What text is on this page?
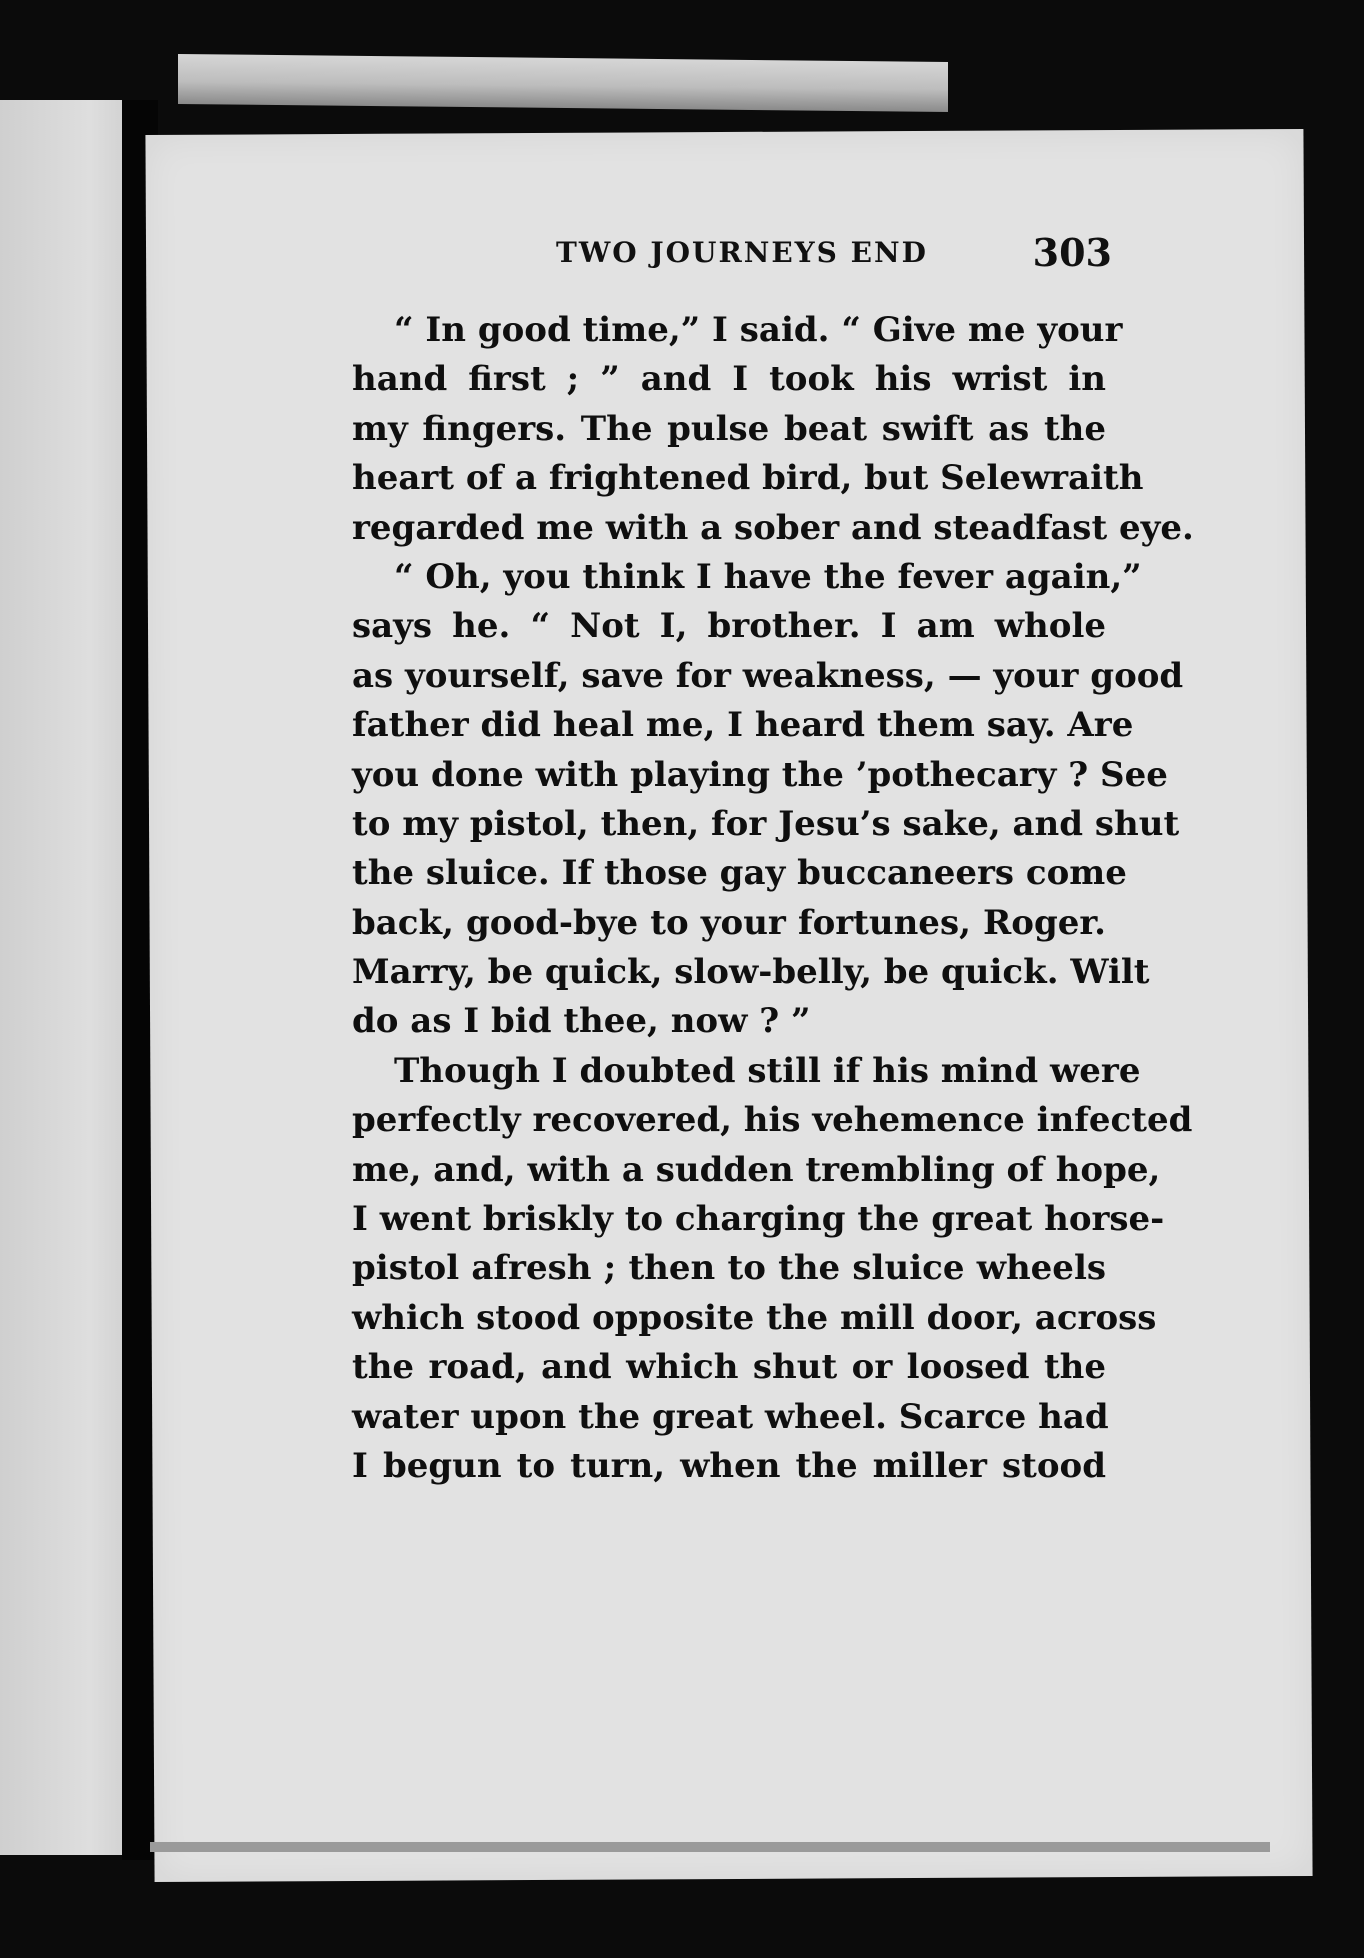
TWO JOURNEYS END	303
“ In good time,” I said. “ Give me your
hand first ; ” and I took his wrist in
my fingers. The pulse beat swift as the
heart of a frightened bird, but Selewraith
regarded me with a sober and steadfast eye.
“ Oh, you think I have the fever again,”
says he. “ Not I, brother. I am whole
as yourself, save for weakness, — your good
father did heal me, I heard them say. Are
you done with playing the ’pothecary ? See
to my pistol, then, for Jesu’s sake, and shut
the sluice. If those gay buccaneers come
back, good-bye to your fortunes, Roger.
Marry, be quick, slow-belly, be quick. Wilt
do as I bid thee, now ? ”
Though I doubted still if his mind were
perfectly recovered, his vehemence infected
me, and, with a sudden trembling of hope,
I went briskly to charging the great horse-
pistol afresh ; then to the sluice wheels
which stood opposite the mill door, across
the road, and which shut or loosed the
water upon the great wheel. Scarce had
I begun to turn, when the miller stood
